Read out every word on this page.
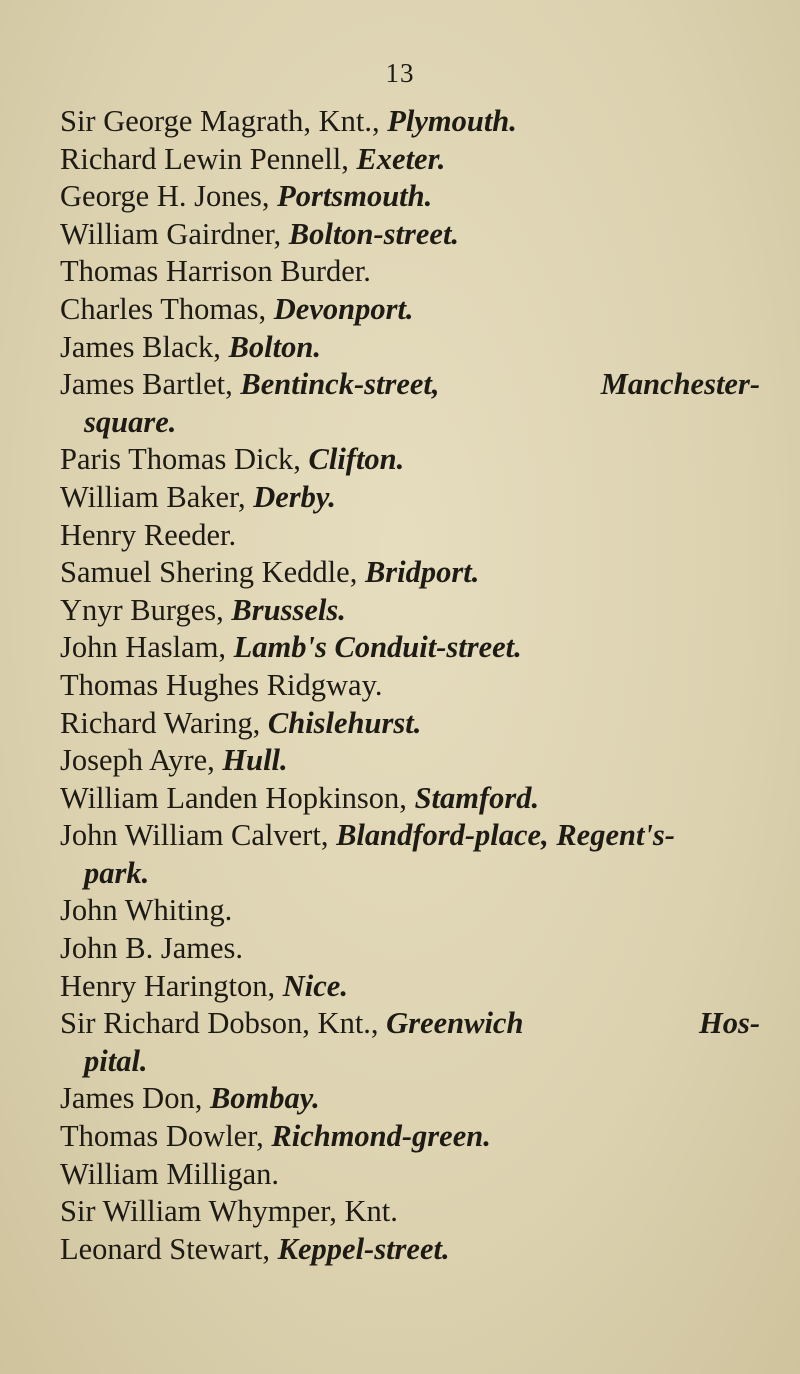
13
Sir George Magrath, Knt., Plymouth.
Richard Lewin Pennell, Exeter.
George H. Jones, Portsmouth.
William Gairdner, Bolton-street.
Thomas Harrison Burder.
Charles Thomas, Devonport.
James Black, Bolton.
James Bartlet, Bentinck-street,	Manchester-
square.
Paris Thomas Dick, Clifton.
William Baker, Derby.
Henry Reeder.
Samuel Shering Keddle, Bridport.
Ynyr Burges, Brussels.
John Haslam, Lamb's Conduit-street.
Thomas Hughes Ridgway.
Richard Waring, Chislehurst.
Joseph Ayre, Hull.
William Landen Hopkinson, Stamford.
John William Calvert, Blandford-place, Regent's-
park.
John Whiting.
John B. James.
Henry Harington, Nice.
Sir Richard Dobson, Knt., Greenwich	Hos-
pital.
James Don, Bombay.
Thomas Dowler, Richmond-green.
William Milligan.
Sir William Whymper, Knt.
Leonard Stewart, Keppel-street.
